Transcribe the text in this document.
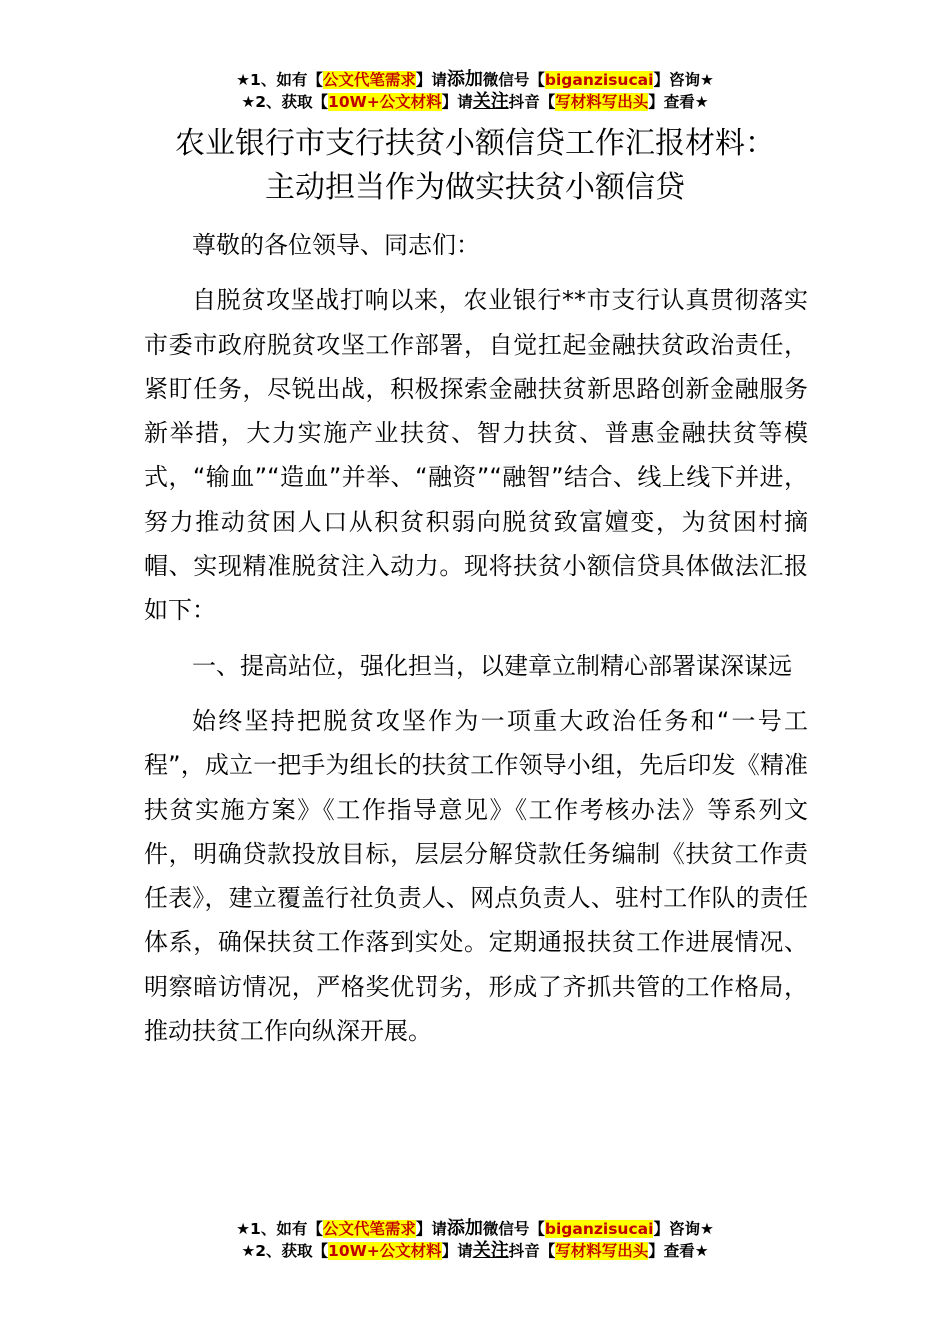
★1、如有【公文代笔需求】请添加微信号【biganzisucai】咨询★
★2、获取【10W+公文材料】请关注抖音【写材料写出头】查看★
农业银行市支行扶贫小额信贷工作汇报材料：
主动担当作为做实扶贫小额信贷

尊敬的各位领导、同志们：

自脱贫攻坚战打响以来，农业银行**市支行认真贯彻落实市委市政府脱贫攻坚工作部署，自觉扛起金融扶贫政治责任，紧盯任务，尽锐出战，积极探索金融扶贫新思路创新金融服务新举措，大力实施产业扶贫、智力扶贫、普惠金融扶贫等模式，“输血”“造血”并举、“融资”“融智”结合、线上线下并进，努力推动贫困人口从积贫积弱向脱贫致富嬗变，为贫困村摘帽、实现精准脱贫注入动力。现将扶贫小额信贷具体做法汇报如下：

一、提高站位，强化担当，以建章立制精心部署谋深谋远

始终坚持把脱贫攻坚作为一项重大政治任务和“一号工程”，成立一把手为组长的扶贫工作领导小组，先后印发《精准扶贫实施方案》《工作指导意见》《工作考核办法》等系列文件，明确贷款投放目标，层层分解贷款任务编制《扶贫工作责任表》，建立覆盖行社负责人、网点负责人、驻村工作队的责任体系，确保扶贫工作落到实处。定期通报扶贫工作进展情况、明察暗访情况，严格奖优罚劣，形成了齐抓共管的工作格局，推动扶贫工作向纵深开展。

★1、如有【公文代笔需求】请添加微信号【biganzisucai】咨询★
★2、获取【10W+公文材料】请关注抖音【写材料写出头】查看★
